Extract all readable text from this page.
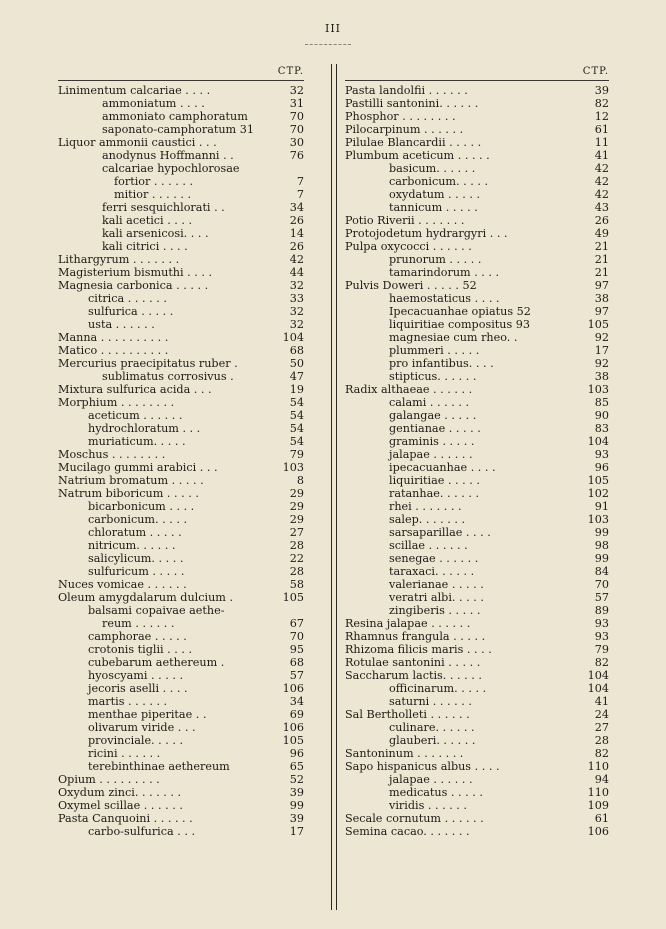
III
CTP.
Linimentum calcariae . . . .	32
ammoniatum . . . .	31
ammoniato camphoratum	70
saponato-camphoratum 31	70
Liquor ammonii caustici . . .	30
anodynus Hoffmanni . .	76
calcariae hypochlorosae
fortior . . . . . .	7
mitior . . . . . .	7
ferri sesquichlorati . .	34
kali acetici . . . .	26
kali arsenicosi. . . .	14
kali citrici . . . .	26
Lithargyrum . . . . . . .	42
Magisterium bismuthi . . . .	44
Magnesia carbonica . . . . .	32
citrica . . . . . .	33
sulfurica . . . . .	32
usta . . . . . .	32
Manna . . . . . . . . . .	104
Matico . . . . . . . . . .	68
Mercurius praecipitatus ruber .	50
sublimatus corrosivus .	47
Mixtura sulfurica acida . . .	19
Morphium . . . . . . . .	54
aceticum . . . . . .	54
hydrochloratum . . .	54
muriaticum. . . . .	54
Moschus . . . . . . . .	79
Mucilago gummi arabici . . .	103
Natrium bromatum . . . . .	8
Natrum biboricum . . . . .	29
bicarbonicum . . . .	29
carbonicum. . . . .	29
chloratum . . . . .	27
nitricum. . . . . .	28
salicylicum. . . . .	22
sulfuricum . . . . .	28
Nuces vomicae . . . . . .	58
Oleum amygdalarum dulcium .	105
balsami copaivae aethe-
reum . . . . . .	67
camphorae . . . . .	70
crotonis tiglii . . . .	95
cubebarum aethereum .	68
hyoscyami . . . . .	57
jecoris aselli . . . .	106
martis . . . . . .	34
menthae piperitae . .	69
olivarum viride . . .	106
provinciale. . . . .	105
ricini . . . . . .	96
terebinthinae aethereum	65
Opium . . . . . . . . .	52
Oxydum zinci. . . . . . .	39
Oxymel scillae . . . . . .	99
Pasta Canquoini . . . . . .	39
carbo-sulfurica . . .	17
CTP.
Pasta landolfii . . . . . .	39
Pastilli santonini. . . . . .	82
Phosphor . . . . . . . .	12
Pilocarpinum . . . . . .	61
Pilulae Blancardii . . . . .	11
Plumbum aceticum . . . . .	41
basicum. . . . . .	42
carbonicum. . . . .	42
oxydatum . . . . .	42
tannicum . . . . .	43
Potio Riverii . . . . . . .	26
Protojodetum hydrargyri . . .	49
Pulpa oxycocci . . . . . .	21
prunorum . . . . .	21
tamarindorum . . . .	21
Pulvis Doweri . . . . . 52	97
haemostaticus . . . .	38
Ipecacuanhae opiatus 52	97
liquiritiae compositus 93	105
magnesiae cum rheo. .	92
plummeri . . . . .	17
pro infantibus. . . .	92
stipticus. . . . . .	38
Radix althaeae . . . . . .	103
calami . . . . . .	85
galangae . . . . .	90
gentianae . . . . .	83
graminis . . . . .	104
jalapae . . . . . .	93
ipecacuanhae . . . .	96
liquiritiae . . . . .	105
ratanhae. . . . . .	102
rhei . . . . . . .	91
salep. . . . . . .	103
sarsaparillae . . . .	99
scillae . . . . . .	98
senegae . . . . . .	99
taraxaci. . . . . .	84
valerianae . . . . .	70
veratri albi. . . . .	57
zingiberis . . . . .	89
Resina jalapae . . . . . .	93
Rhamnus frangula . . . . .	93
Rhizoma filicis maris . . . .	79
Rotulae santonini . . . . .	82
Saccharum lactis. . . . . .	104
officinarum. . . . .	104
saturni . . . . . .	41
Sal Bertholleti . . . . . .	24
culinare. . . . . .	27
glauberi. . . . . .	28
Santoninum . . . . . . .	82
Sapo hispanicus albus . . . .	110
jalapae . . . . . .	94
medicatus . . . . .	110
viridis . . . . . .	109
Secale cornutum . . . . . .	61
Semina cacao. . . . . . .	106
